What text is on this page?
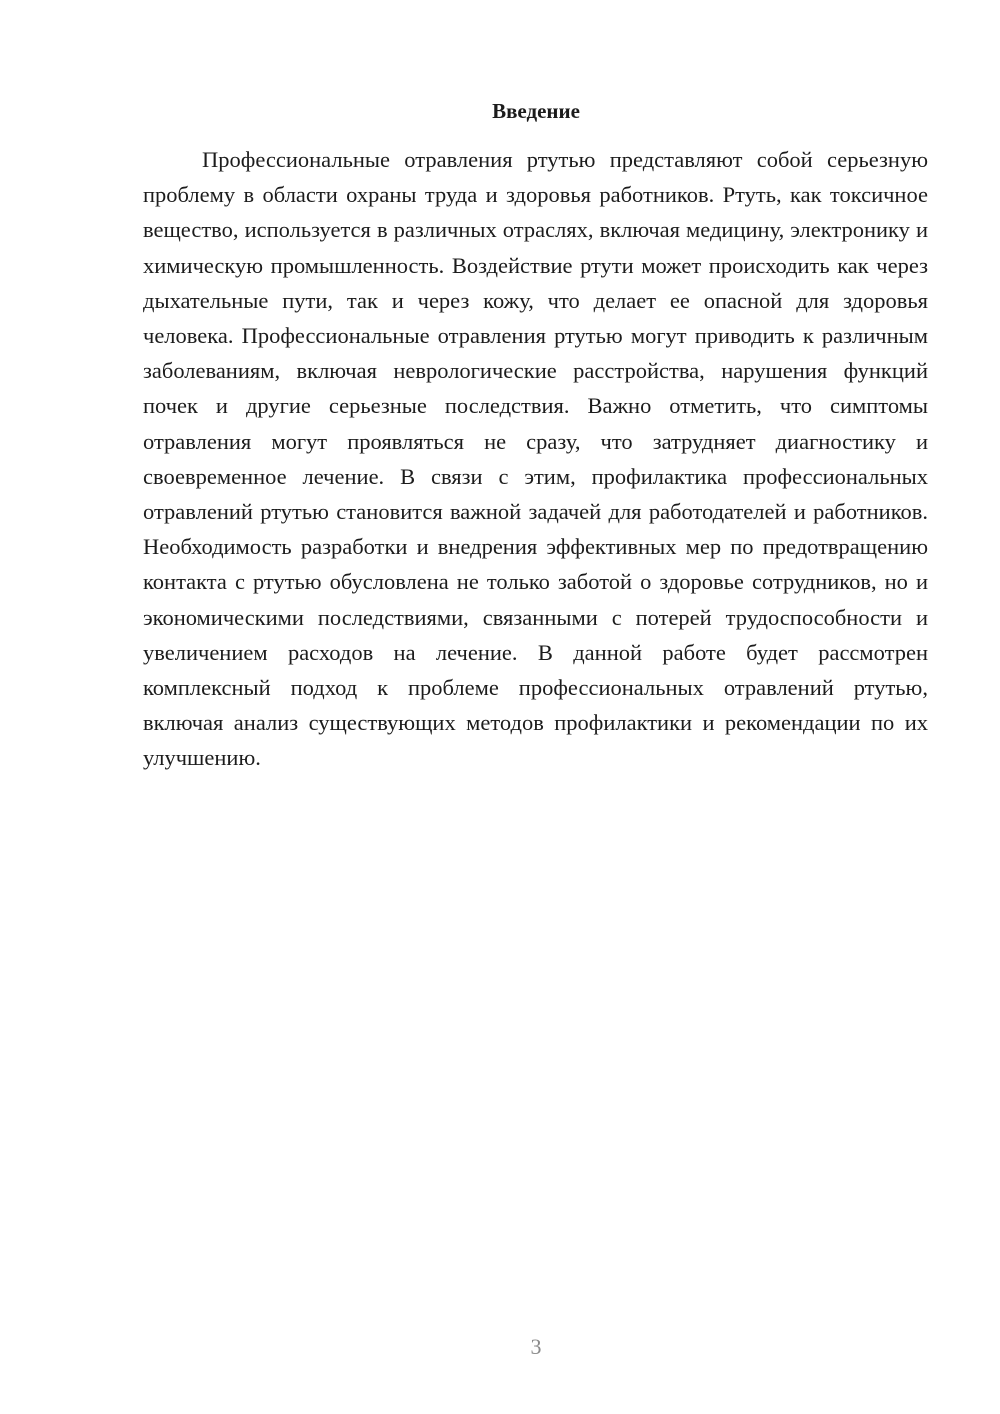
Введение

Профессиональные отравления ртутью представляют собой серьезную проблему в области охраны труда и здоровья работников. Ртуть, как токсичное вещество, используется в различных отраслях, включая медицину, электронику и химическую промышленность. Воздействие ртути может происходить как через дыхательные пути, так и через кожу, что делает ее опасной для здоровья человека. Профессиональные отравления ртутью могут приводить к различным заболеваниям, включая неврологические расстройства, нарушения функций почек и другие серьезные последствия. Важно отметить, что симптомы отравления могут проявляться не сразу, что затрудняет диагностику и своевременное лечение. В связи с этим, профилактика профессиональных отравлений ртутью становится важной задачей для работодателей и работников. Необходимость разработки и внедрения эффективных мер по предотвращению контакта с ртутью обусловлена не только заботой о здоровье сотрудников, но и экономическими последствиями, связанными с потерей трудоспособности и увеличением расходов на лечение. В данной работе будет рассмотрен комплексный подход к проблеме профессиональных отравлений ртутью, включая анализ существующих методов профилактики и рекомендации по их улучшению.

3
